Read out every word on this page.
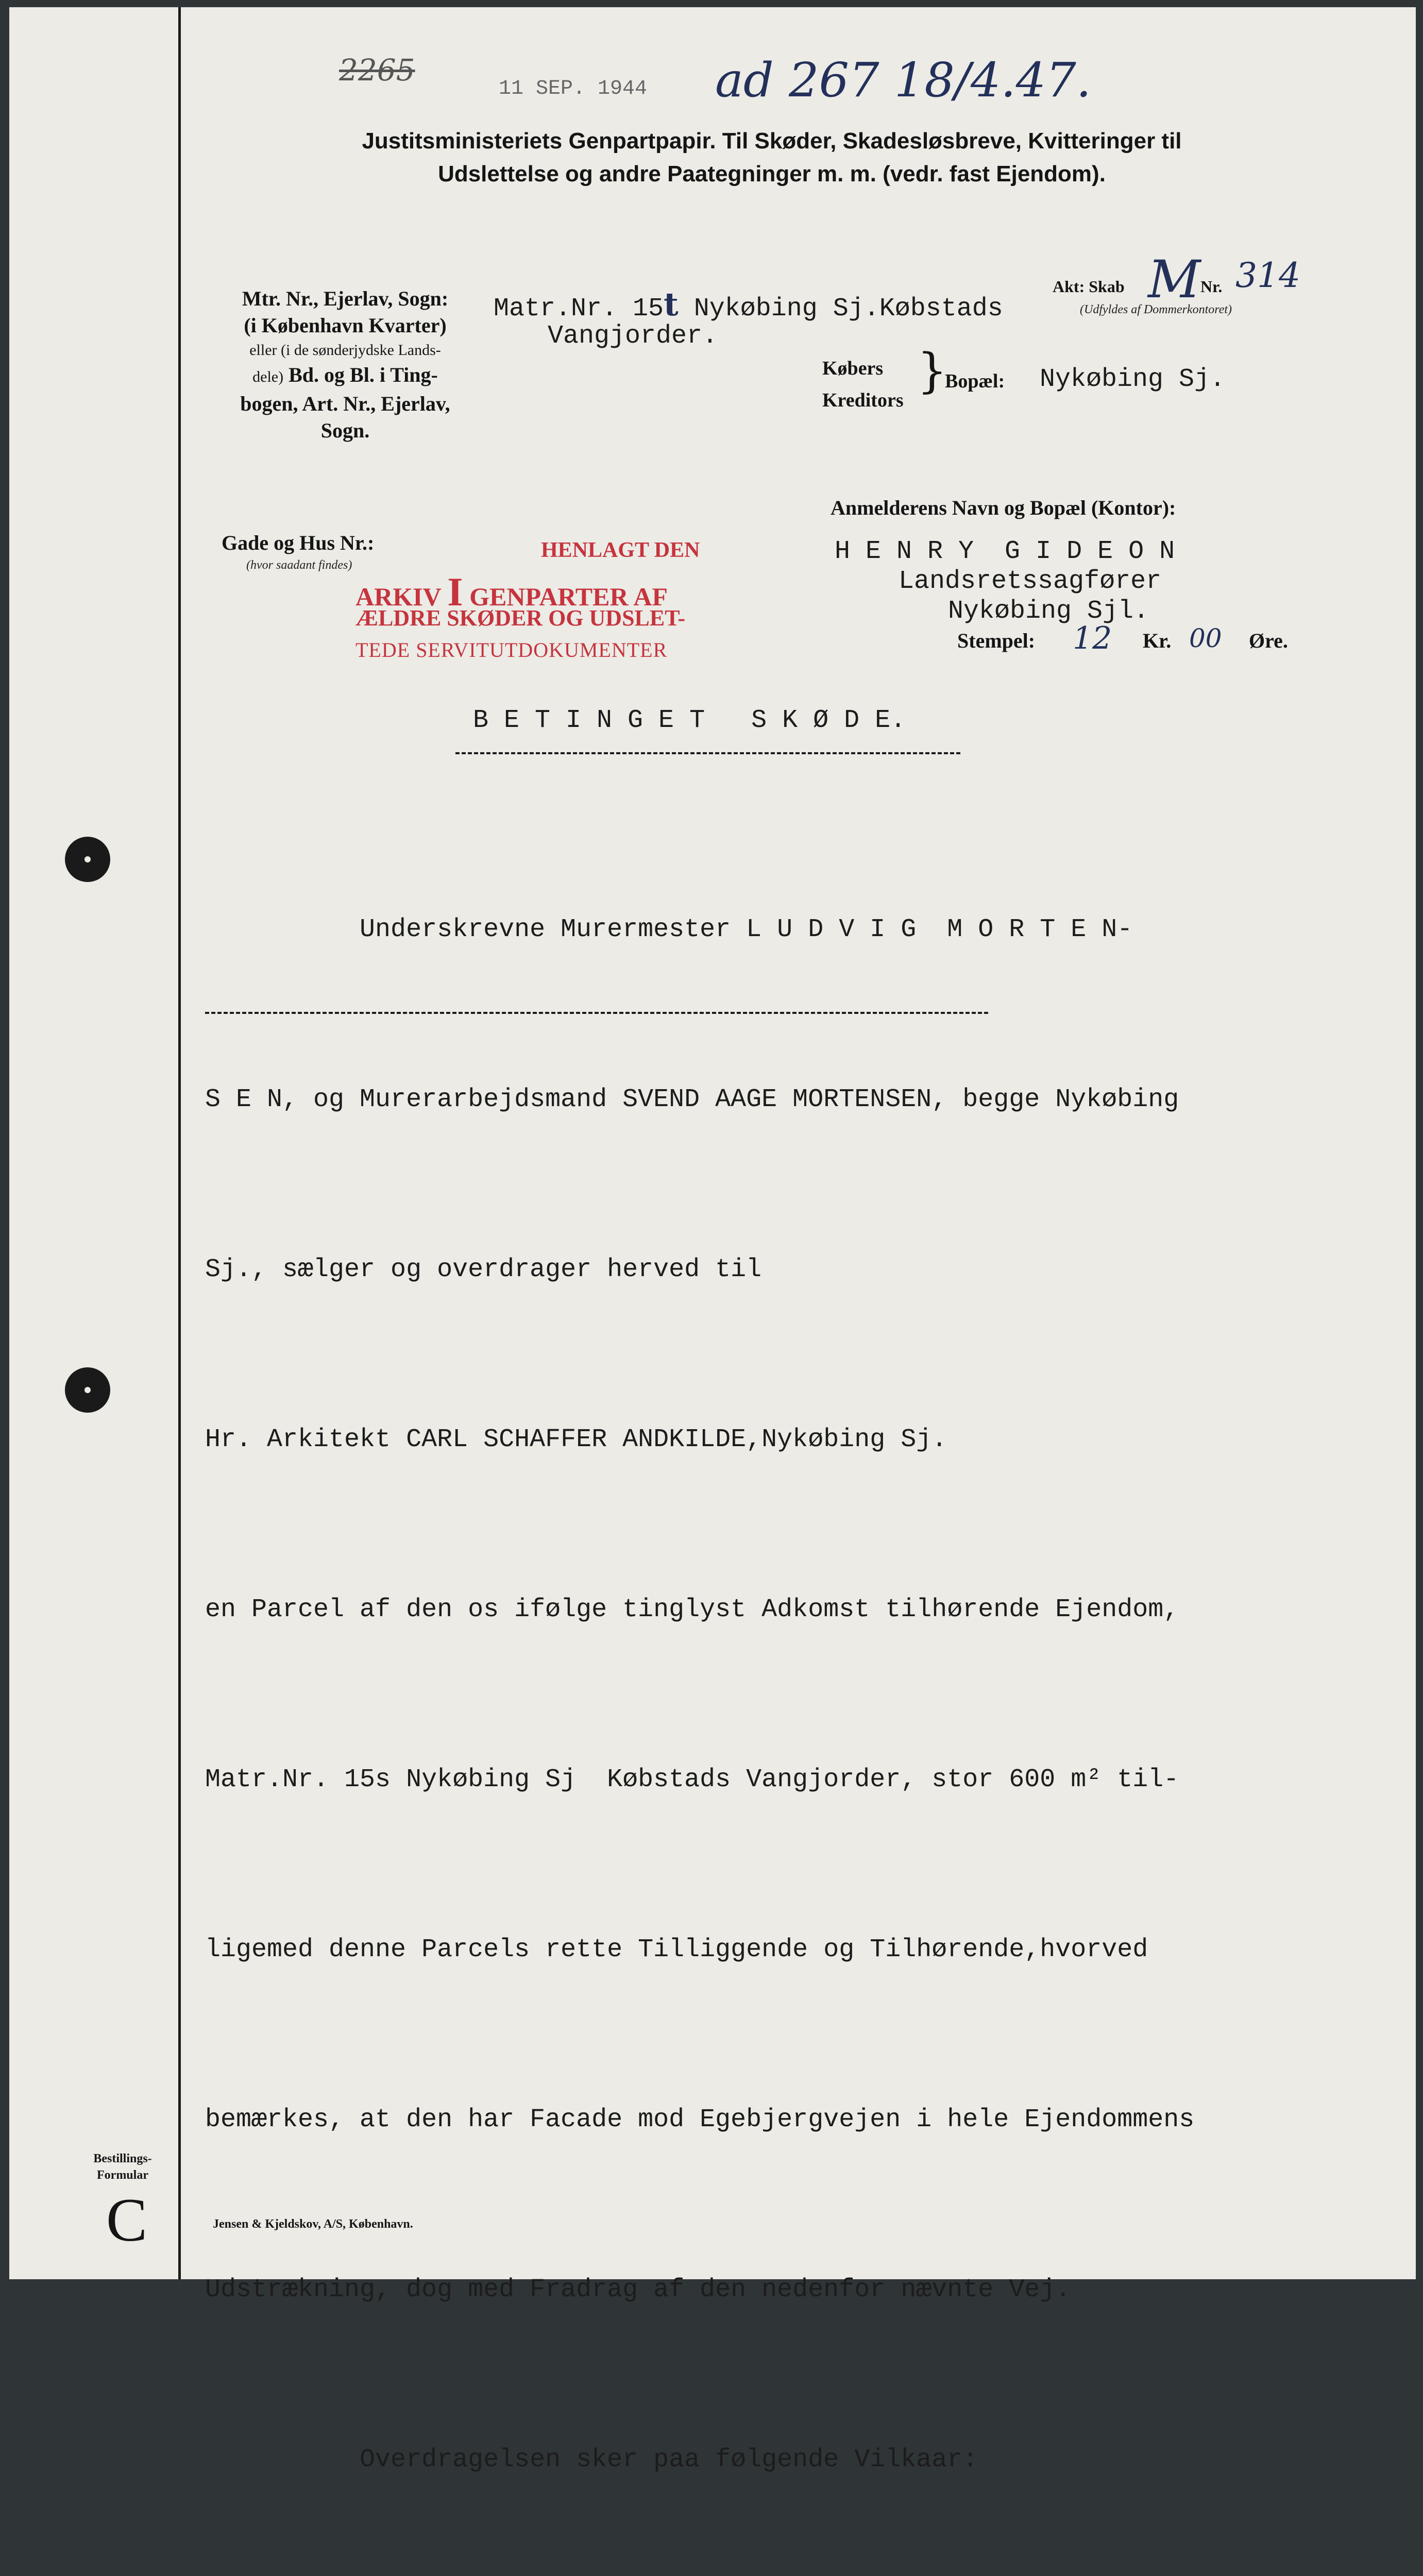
2265
11 SEP. 1944 ad 267 18/4.47.
Justitsministeriets Genpartpapir. Til Skøder, Skadesløsbreve, Kvitteringer til
Udslettelse og andre Paategninger m. m. (vedr. fast Ejendom).
Mtr. Nr., Ejerlav, Sogn:
(i København Kvarter)
eller (i de sønderjydske Lands-
dele) Bd. og Bl. i Ting-
bogen, Art. Nr., Ejerlav,
Sogn.
Matr.Nr. 15t Nykøbing Sj.Købstads
Vangjorder.
Akt: Skab M Nr. 314
(Udfyldes af Dommerkontoret)
Købers
Kreditors
}
Bopæl: Nykøbing Sj.
Gade og Hus Nr.:
(hvor saadant findes)
HENLAGT DEN
ARKIV I GENPARTER AF
ÆLDRE SKØDER OG UDSLET-
TEDE SERVITUTDOKUMENTER
Anmelderens Navn og Bopæl (Kontor):
H E N R Y  G I D E O N
Landsretssagfører
Nykøbing Sjl.
Stempel: 12 Kr. 00 Øre.
B E T I N G E T   S K Ø D E.

Underskrevne Murermester L U D V I G  M O R T E N-

S E N, og Murerarbejdsmand SVEND AAGE MORTENSEN, begge Nykøbing

Sj., sælger og overdrager herved til

Hr. Arkitekt CARL SCHAFFER ANDKILDE,Nykøbing Sj.

en Parcel af den os ifølge tinglyst Adkomst tilhørende Ejendom,

Matr.Nr. 15s Nykøbing Sj  Købstads Vangjorder, stor 600 m² til-

ligemed denne Parcels rette Tilliggende og Tilhørende,hvorved

bemærkes, at den har Facade mod Egebjergvejen i hele Ejendommens

Udstrækning, dog med Fradrag af den nedenfor nævnte Vej.

Overdragelsen sker paa følgende Vilkaar:

Bestillings-
Formular
C	Jensen & Kjeldskov, A/S, København.
